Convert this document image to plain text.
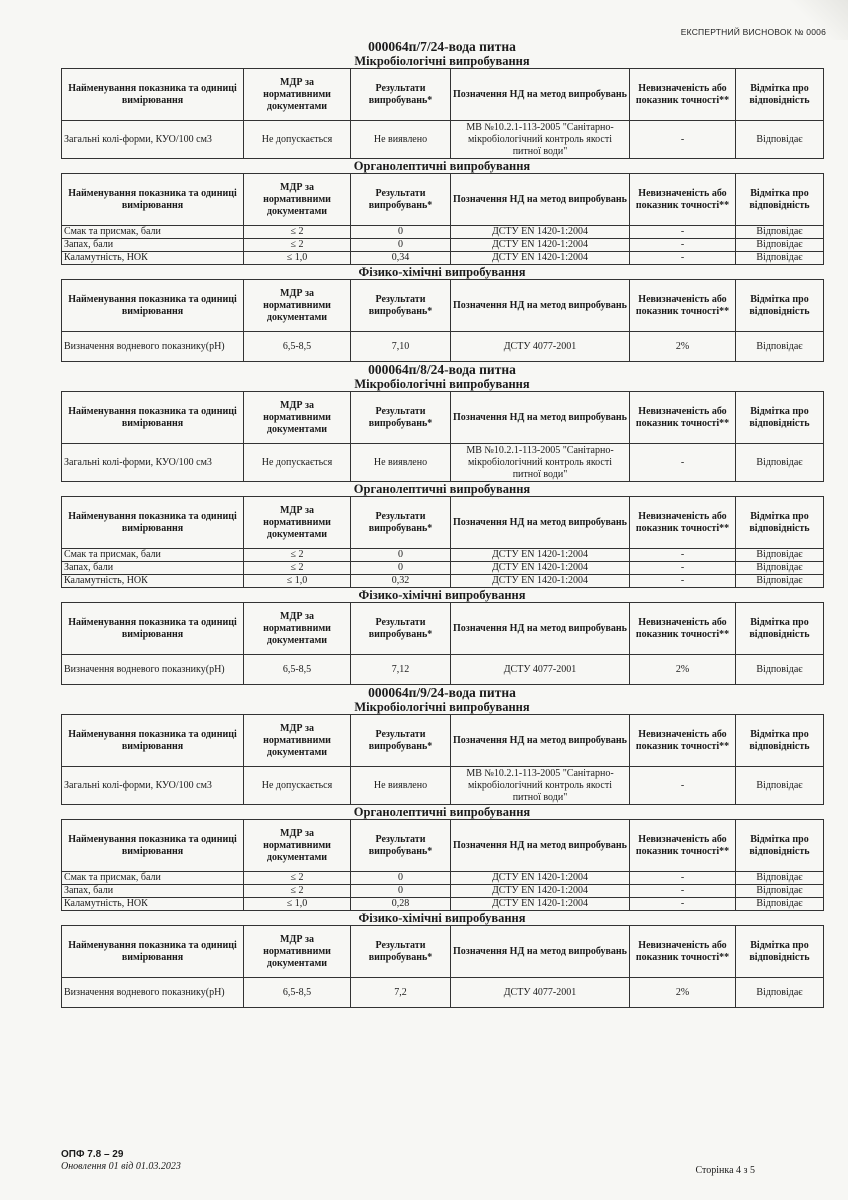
ЕКСПЕРТНИЙ ВИСНОВОК № 0006
000064п/7/24-вода питна
Мікробіологічні випробування
Найменування показника та одиниці вимірювання	МДР за нормативними документами	Результати випробувань*	Позначення НД на метод випробувань	Невизначеність або показник точності**	Відмітка про відповідність
Загальні колі-форми, КУО/100 см3	Не допускається	Не виявлено	МВ №10.2.1-113-2005 "Санітарно-мікробіологічний контроль якості питної води"	-	Відповідає
Органолептичні випробування
Найменування показника та одиниці вимірювання	МДР за нормативними документами	Результати випробувань*	Позначення НД на метод випробувань	Невизначеність або показник точності**	Відмітка про відповідність
Смак та присмак, бали	≤ 2	0	ДСТУ EN 1420-1:2004	-	Відповідає
Запах, бали	≤ 2	0	ДСТУ EN 1420-1:2004	-	Відповідає
Каламутність, НОК	≤ 1,0	0,34	ДСТУ EN 1420-1:2004	-	Відповідає
Фізико-хімічні випробування
Найменування показника та одиниці вимірювання	МДР за нормативними документами	Результати випробувань*	Позначення НД на метод випробувань	Невизначеність або показник точності**	Відмітка про відповідність
Визначення водневого показнику(рН)	6,5-8,5	7,10	ДСТУ 4077-2001	2%	Відповідає
000064п/8/24-вода питна
Мікробіологічні випробування
Найменування показника та одиниці вимірювання	МДР за нормативними документами	Результати випробувань*	Позначення НД на метод випробувань	Невизначеність або показник точності**	Відмітка про відповідність
Загальні колі-форми, КУО/100 см3	Не допускається	Не виявлено	МВ №10.2.1-113-2005 "Санітарно-мікробіологічний контроль якості питної води"	-	Відповідає
Органолептичні випробування
Найменування показника та одиниці вимірювання	МДР за нормативними документами	Результати випробувань*	Позначення НД на метод випробувань	Невизначеність або показник точності**	Відмітка про відповідність
Смак та присмак, бали	≤ 2	0	ДСТУ EN 1420-1:2004	-	Відповідає
Запах, бали	≤ 2	0	ДСТУ EN 1420-1:2004	-	Відповідає
Каламутність, НОК	≤ 1,0	0,32	ДСТУ EN 1420-1:2004	-	Відповідає
Фізико-хімічні випробування
Найменування показника та одиниці вимірювання	МДР за нормативними документами	Результати випробувань*	Позначення НД на метод випробувань	Невизначеність або показник точності**	Відмітка про відповідність
Визначення водневого показнику(рН)	6,5-8,5	7,12	ДСТУ 4077-2001	2%	Відповідає
000064п/9/24-вода питна
Мікробіологічні випробування
Найменування показника та одиниці вимірювання	МДР за нормативними документами	Результати випробувань*	Позначення НД на метод випробувань	Невизначеність або показник точності**	Відмітка про відповідність
Загальні колі-форми, КУО/100 см3	Не допускається	Не виявлено	МВ №10.2.1-113-2005 "Санітарно-мікробіологічний контроль якості питної води"	-	Відповідає
Органолептичні випробування
Найменування показника та одиниці вимірювання	МДР за нормативними документами	Результати випробувань*	Позначення НД на метод випробувань	Невизначеність або показник точності**	Відмітка про відповідність
Смак та присмак, бали	≤ 2	0	ДСТУ EN 1420-1:2004	-	Відповідає
Запах, бали	≤ 2	0	ДСТУ EN 1420-1:2004	-	Відповідає
Каламутність, НОК	≤ 1,0	0,28	ДСТУ EN 1420-1:2004	-	Відповідає
Фізико-хімічні випробування
Найменування показника та одиниці вимірювання	МДР за нормативними документами	Результати випробувань*	Позначення НД на метод випробувань	Невизначеність або показник точності**	Відмітка про відповідність
Визначення водневого показнику(рН)	6,5-8,5	7,2	ДСТУ 4077-2001	2%	Відповідає
ОПФ 7.8 – 29
Оновлення 01 від 01.03.2023	Сторінка 4 з 5
